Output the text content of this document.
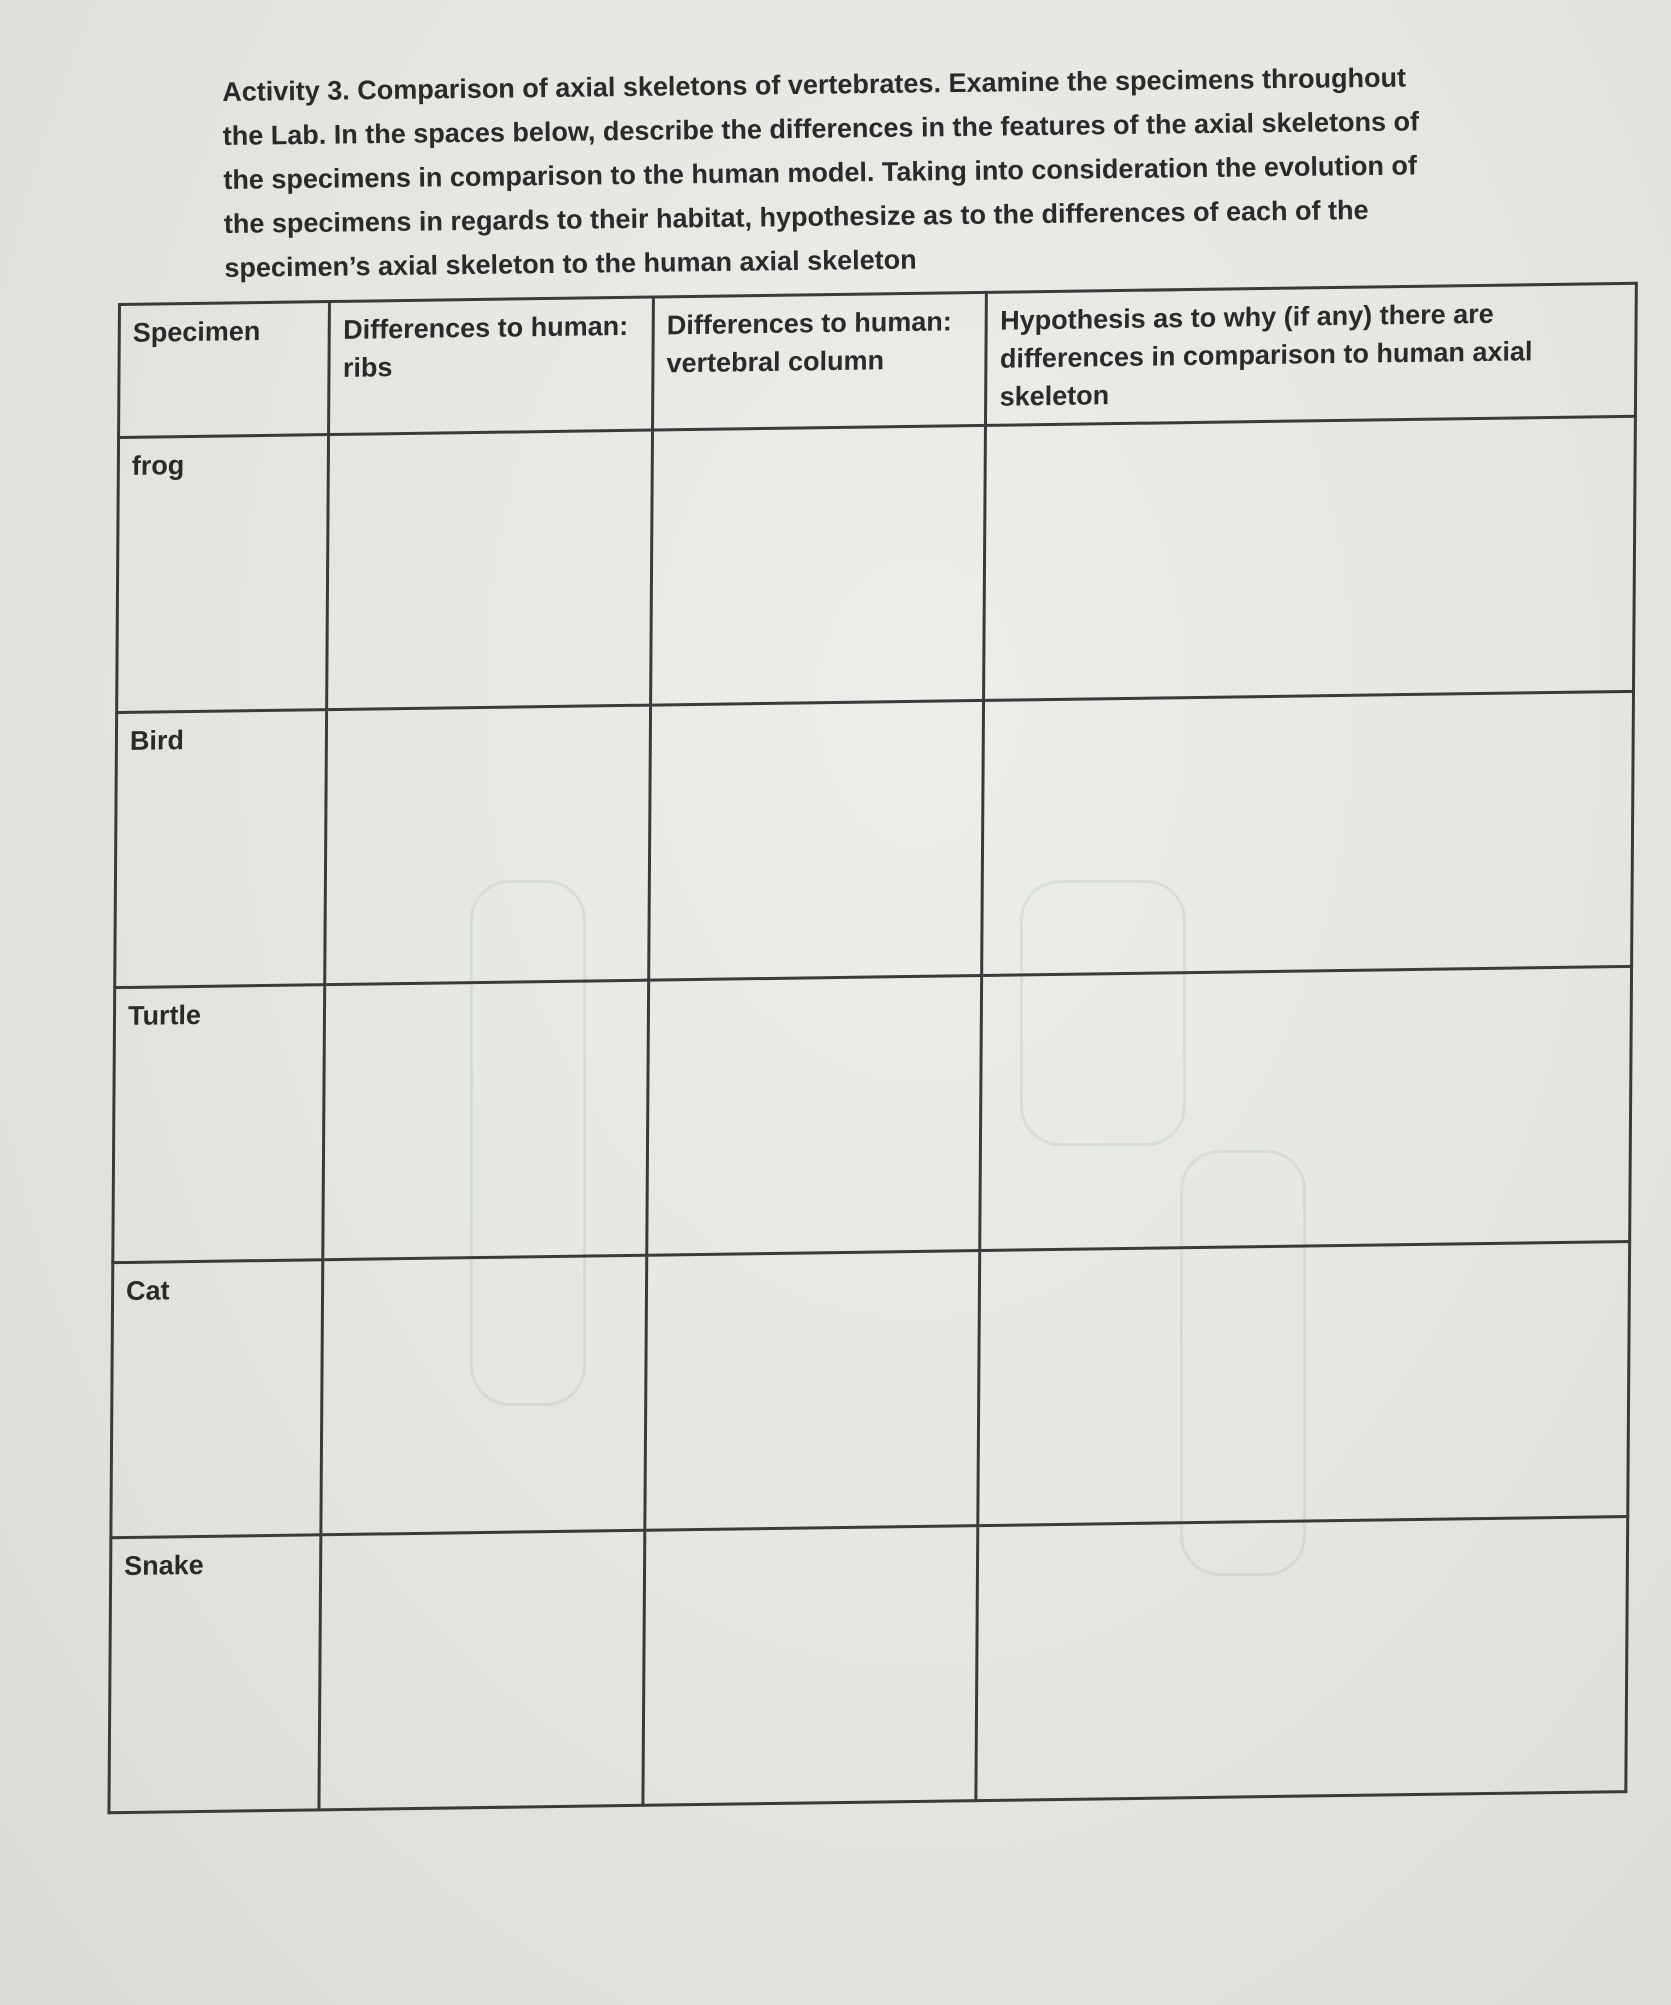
Activity 3. Comparison of axial skeletons of vertebrates. Examine the specimens throughout

the Lab. In the spaces below, describe the differences in the features of the axial skeletons of

the specimens in comparison to the human model. Taking into consideration the evolution of

the specimens in regards to their habitat, hypothesize as to the differences of each of the

specimen’s axial skeleton to the human axial skeleton

Specimen	Differences to human: ribs	Differences to human: vertebral column	Hypothesis as to why (if any) there are differences in comparison to human axial skeleton
frog			
Bird			
Turtle			
Cat			
Snake			
